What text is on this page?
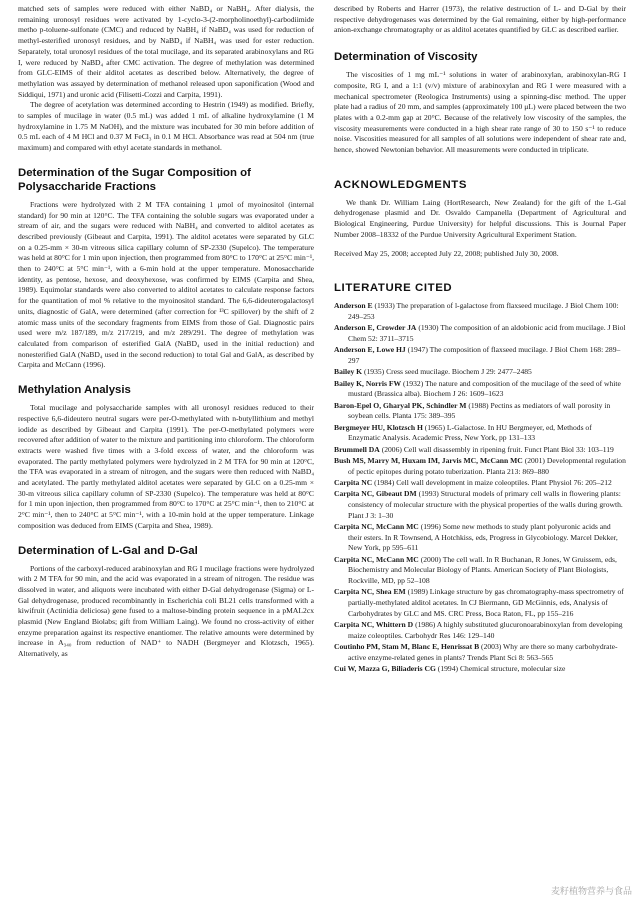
matched sets of samples were reduced with either NaBD₄ or NaBH₄. After dialysis, the remaining uronosyl residues were activated by 1-cyclo-3-(2-morpholinoethyl)-carbodiimide metho p-toluene-sulfonate (CMC) and reduced by NaBH₄ if NaBD₄ was used for reduction of methyl-esterified uronosyl residues, and by NaBD₄ if NaBH₄ was used for ester reduction. Separately, total uronosyl residues of the total mucilage, and its separated arabinoxylans and RG I, were reduced by NaBD₄ after CMC activation. The degree of methylation was determined from GLC-EIMS of their alditol acetates as described below. Alternatively, the degree of methylation was assayed by determination of methanol released upon saponification (Wood and Siddiqui, 1971) and uronic acid (Filisetti-Cozzi and Carpita, 1991).

The degree of acetylation was determined according to Hestrin (1949) as modified. Briefly, to samples of mucilage in water (0.5 mL) was added 1 mL of alkaline hydroxylamine (1 M hydroxylamine in 1.75 M NaOH), and the mixture was incubated for 30 min before addition of 0.5 mL each of 4 M HCl and 0.37 M FeCl₃ in 0.1 M HCl. Absorbance was read at 504 nm (true maximum) and compared with ethyl acetate standards in methanol.

Determination of the Sugar Composition of Polysaccharide Fractions

Fractions were hydrolyzed with 2 M TFA containing 1 μmol of myoinositol (internal standard) for 90 min at 120°C. The TFA containing the soluble sugars was evaporated under a stream of air, and the sugars were reduced with NaBH₄ and converted to alditol acetates as described previously (Gibeaut and Carpita, 1991). The alditol acetates were separated by GLC on a 0.25-mm × 30-m vitreous silica capillary column of SP-2330 (Supelco). The temperature was held at 80°C for 1 min upon injection, then programmed from 80°C to 170°C at 25°C min⁻¹, then to 240°C at 5°C min⁻¹, with a 6-min hold at the upper temperature. Monosaccharide identity, as pentose, hexose, and deoxyhexose, was confirmed by EIMS (Carpita and Shea, 1989). Equimolar standards were also converted to alditol acetates to calculate response factors for the quantitation of mol % relative to the myoinositol standard. The 6,6-dideuterogalactosyl units, diagnostic of GalA, were determined (after correction for ¹³C spillover) by the shift of 2 atomic mass units of the secondary fragments from EIMS from those of Gal. Diagnostic pairs used were m/z 187/189, m/z 217/219, and m/z 289/291. The degree of methylation was calculated from comparison of esterified GalA (NaBD₄ used in the initial reduction) and nonesterified GalA (NaBD₄ used in the second reduction) to total Gal and GalA, as described by Carpita and McCann (1996).

Methylation Analysis

Total mucilage and polysaccharide samples with all uronosyl residues reduced to their respective 6,6-dideutero neutral sugars were per-O-methylated with n-butyllithium and methyl iodide as described by Gibeaut and Carpita (1991). The per-O-methylated polymers were recovered after addition of water to the mixture and partitioning into chloroform. The chloroform extracts were washed five times with a 3-fold excess of water, and the chloroform was evaporated. The partly methylated polymers were hydrolyzed in 2 M TFA for 90 min at 120°C, the TFA was evaporated in a stream of nitrogen, and the sugars were then reduced with NaBD₄ and acetylated. The partly methylated alditol acetates were separated by GLC on a 0.25-mm × 30-m vitreous silica capillary column of SP-2330 (Supelco). The temperature was held at 80°C for 1 min upon injection, then programmed from 80°C to 170°C at 25°C min⁻¹, then to 210°C at 2°C min⁻¹, then to 240°C at 5°C min⁻¹, with a 10-min hold at the upper temperature. Linkage composition was deduced from EIMS (Carpita and Shea, 1989).

Determination of L-Gal and D-Gal

Portions of the carboxyl-reduced arabinoxylan and RG I mucilage fractions were hydrolyzed with 2 M TFA for 90 min, and the acid was evaporated in a stream of nitrogen. The residue was dissolved in water, and aliquots were incubated with either D-Gal dehydrogenase (Sigma) or L-Gal dehydrogenase, produced recombinantly in Escherichia coli BL21 cells transformed with a kiwifruit (Actinidia deliciosa) gene fused to a maltose-binding protein sequence in a pMAL2cx plasmid (New England Biolabs; gift from William Laing). We found no cross-activity of either enzyme preparation against its respective enantiomer. The relative amounts were determined by increase in A₃₄₀ from reduction of NAD⁺ to NADH (Bergmeyer and Klotzsch, 1965). Alternatively, as

described by Roberts and Harrer (1973), the relative destruction of L- and D-Gal by their respective dehydrogenases was determined by the Gal remaining, either by high-performance anion-exchange chromatography or as alditol acetates quantified by GLC as described earlier.

Determination of Viscosity

The viscosities of 1 mg mL⁻¹ solutions in water of arabinoxylan, arabinoxylan-RG I composite, RG I, and a 1:1 (v/v) mixture of arabinoxylan and RG I were measured with a mechanical spectrometer (Reologica Instruments) using a spinning-disc method. The upper plate had a radius of 20 mm, and samples (approximately 100 μL) were placed between the two plates with a 0.2-mm gap at 20°C. Because of the relatively low viscosity of the samples, the viscosity measurements were conducted in a high shear rate range of 30 to 150 s⁻¹ to reduce noise. Viscosities measured for all samples of all solutions were independent of shear rate and, hence, showed Newtonian behavior. All measurements were conducted in triplicate.

ACKNOWLEDGMENTS

We thank Dr. William Laing (HortResearch, New Zealand) for the gift of the L-Gal dehydrogenase plasmid and Dr. Osvaldo Campanella (Department of Agricultural and Biological Engineering, Purdue University) for helpful discussions. This is Journal Paper Number 2008–18332 of the Purdue University Agricultural Experiment Station.

Received May 25, 2008; accepted July 22, 2008; published July 30, 2008.

LITERATURE CITED
Anderson E (1933) The preparation of l-galactose from flaxseed mucilage. J Biol Chem 100: 249–253
Anderson E, Crowder JA (1930) The composition of an aldobionic acid from mucilage. J Biol Chem 52: 3711–3715
Anderson E, Lowe HJ (1947) The composition of flaxseed mucilage. J Biol Chem 168: 289–297
Bailey K (1935) Cress seed mucilage. Biochem J 29: 2477–2485
Bailey K, Norris FW (1932) The nature and composition of the mucilage of the seed of white mustard (Brassica alba). Biochem J 26: 1609–1623
Baron-Epel O, Gharyal PK, Schindler M (1988) Pectins as mediators of wall porosity in soybean cells. Planta 175: 389–395
Bergmeyer HU, Klotzsch H (1965) L-Galactose. In HU Bergmeyer, ed, Methods of Enzymatic Analysis. Academic Press, New York, pp 131–133
Brummell DA (2006) Cell wall disassembly in ripening fruit. Funct Plant Biol 33: 103–119
Bush MS, Marry M, Huxam IM, Jarvis MC, McCann MC (2001) Developmental regulation of pectic epitopes during potato tuberization. Planta 213: 869–880
Carpita NC (1984) Cell wall development in maize coleoptiles. Plant Physiol 76: 205–212
Carpita NC, Gibeaut DM (1993) Structural models of primary cell walls in flowering plants: consistency of molecular structure with the physical properties of the walls during growth. Plant J 3: 1–30
Carpita NC, McCann MC (1996) Some new methods to study plant polyuronic acids and their esters. In R Townsend, A Hotchkiss, eds, Progress in Glycobiology. Marcel Dekker, New York, pp 595–611
Carpita NC, McCann MC (2000) The cell wall. In R Buchanan, R Jones, W Gruissem, eds, Biochemistry and Molecular Biology of Plants. American Society of Plant Biologists, Rockville, MD, pp 52–108
Carpita NC, Shea EM (1989) Linkage structure by gas chromatography-mass spectrometry of partially-methylated alditol acetates. In CJ Biermann, GD McGinnis, eds, Analysis of Carbohydrates by GLC and MS. CRC Press, Boca Raton, FL, pp 155–216
Carpita NC, Whittern D (1986) A highly substituted glucuronoarabinoxylan from developing maize coleoptiles. Carbohydr Res 146: 129–140
Coutinho PM, Stam M, Blanc E, Henrissat B (2003) Why are there so many carbohydrate-active enzyme-related genes in plants? Trends Plant Sci 8: 563–565
Cui W, Mazza G, Biliaderis CG (1994) Chemical structure, molecular size
麦籽植物营养与食品
